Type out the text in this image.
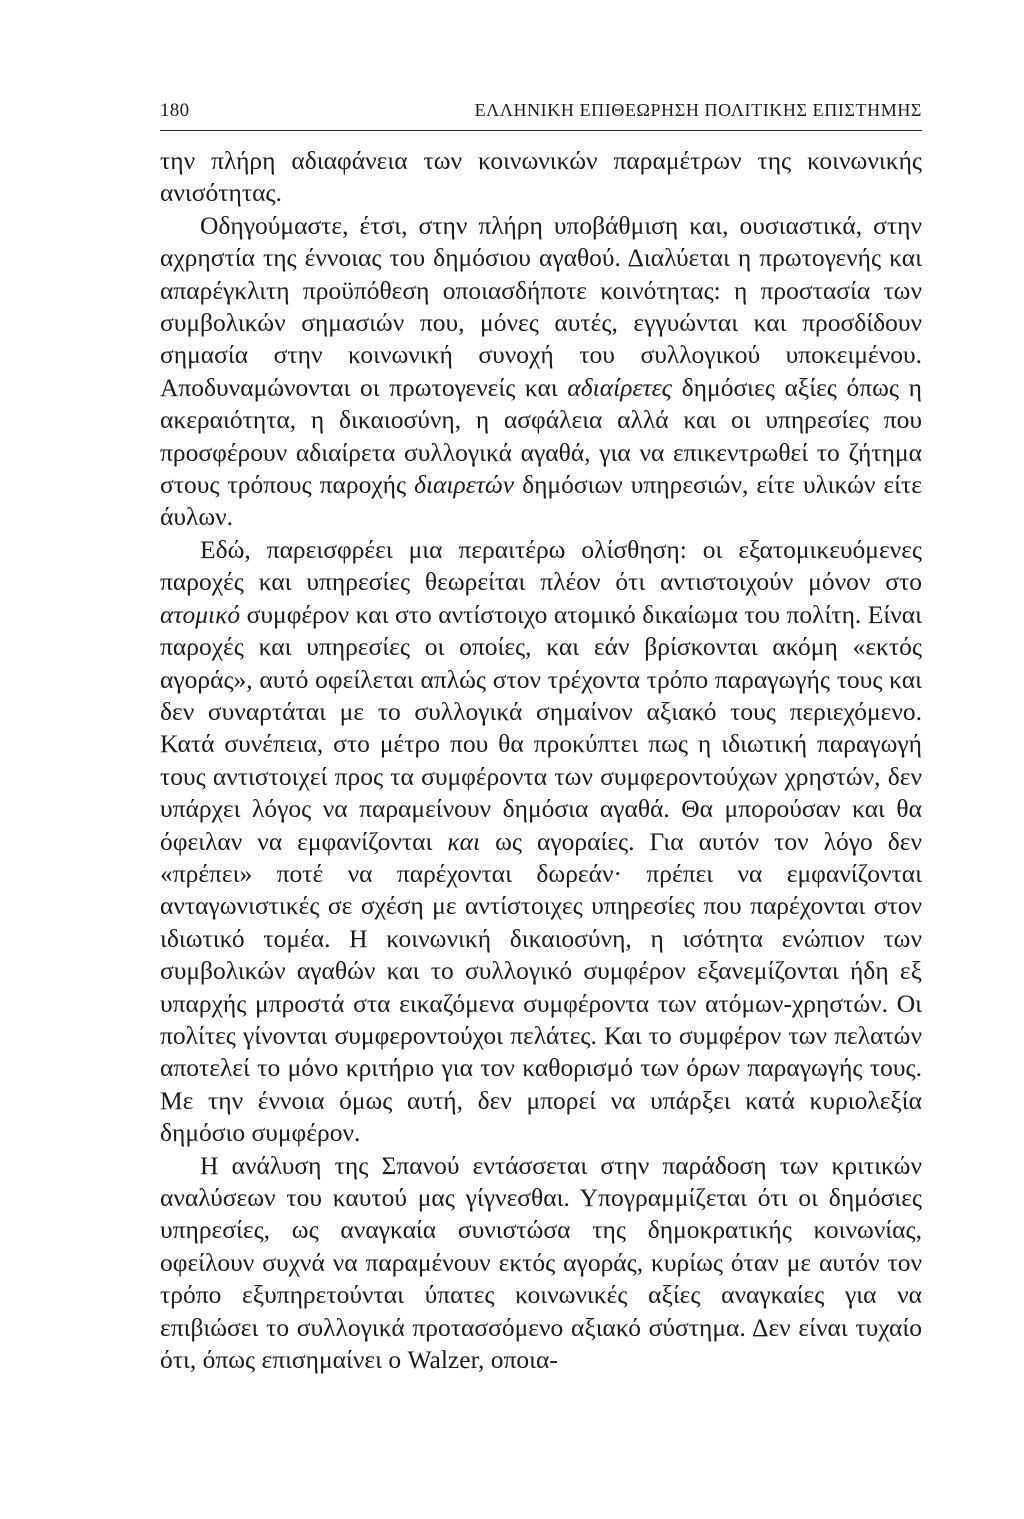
180	ΕΛΛΗΝΙΚΗ ΕΠΙΘΕΩΡΗΣΗ ΠΟΛΙΤΙΚΗΣ ΕΠΙΣΤΗΜΗΣ

την πλήρη αδιαφάνεια των κοινωνικών παραμέτρων της κοινωνικής ανισότητας.

Οδηγούμαστε, έτσι, στην πλήρη υποβάθμιση και, ουσιαστικά, στην αχρηστία της έννοιας του δημόσιου αγαθού. Διαλύεται η πρωτογενής και απαρέγκλιτη προϋπόθεση οποιασδήποτε κοινότητας: η προστασία των συμβολικών σημασιών που, μόνες αυτές, εγγυώνται και προσδίδουν σημασία στην κοινωνική συνοχή του συλλογικού υποκειμένου. Αποδυναμώνονται οι πρωτογενείς και αδιαίρετες δημόσιες αξίες όπως η ακεραιότητα, η δικαιοσύνη, η ασφάλεια αλλά και οι υπηρεσίες που προσφέρουν αδιαίρετα συλλογικά αγαθά, για να επικεντρωθεί το ζήτημα στους τρόπους παροχής διαιρετών δημόσιων υπηρεσιών, είτε υλικών είτε άυλων.

Εδώ, παρεισφρέει μια περαιτέρω ολίσθηση: οι εξατομικευόμενες παροχές και υπηρεσίες θεωρείται πλέον ότι αντιστοιχούν μόνον στο ατομικό συμφέρον και στο αντίστοιχο ατομικό δικαίωμα του πολίτη. Είναι παροχές και υπηρεσίες οι οποίες, και εάν βρίσκονται ακόμη «εκτός αγοράς», αυτό οφείλεται απλώς στον τρέχοντα τρόπο παραγωγής τους και δεν συναρτάται με το συλλογικά σημαίνον αξιακό τους περιεχόμενο. Κατά συνέπεια, στο μέτρο που θα προκύπτει πως η ιδιωτική παραγωγή τους αντιστοιχεί προς τα συμφέροντα των συμφεροντούχων χρηστών, δεν υπάρχει λόγος να παραμείνουν δημόσια αγαθά. Θα μπορούσαν και θα όφειλαν να εμφανίζονται και ως αγοραίες. Για αυτόν τον λόγο δεν «πρέπει» ποτέ να παρέχονται δωρεάν· πρέπει να εμφανίζονται ανταγωνιστικές σε σχέση με αντίστοιχες υπηρεσίες που παρέχονται στον ιδιωτικό τομέα. Η κοινωνική δικαιοσύνη, η ισότητα ενώπιον των συμβολικών αγαθών και το συλλογικό συμφέρον εξανεμίζονται ήδη εξ υπαρχής μπροστά στα εικαζόμενα συμφέροντα των ατόμων-χρηστών. Οι πολίτες γίνονται συμφεροντούχοι πελάτες. Και το συμφέρον των πελατών αποτελεί το μόνο κριτήριο για τον καθορισμό των όρων παραγωγής τους. Με την έννοια όμως αυτή, δεν μπορεί να υπάρξει κατά κυριολεξία δημόσιο συμφέρον.

Η ανάλυση της Σπανού εντάσσεται στην παράδοση των κριτικών αναλύσεων του καυτού μας γίγνεσθαι. Υπογραμμίζεται ότι οι δημόσιες υπηρεσίες, ως αναγκαία συνιστώσα της δημοκρατικής κοινωνίας, οφείλουν συχνά να παραμένουν εκτός αγοράς, κυρίως όταν με αυτόν τον τρόπο εξυπηρετούνται ύπατες κοινωνικές αξίες αναγκαίες για να επιβιώσει το συλλογικά προτασσόμενο αξιακό σύστημα. Δεν είναι τυχαίο ότι, όπως επισημαίνει ο Walzer, οποια-
